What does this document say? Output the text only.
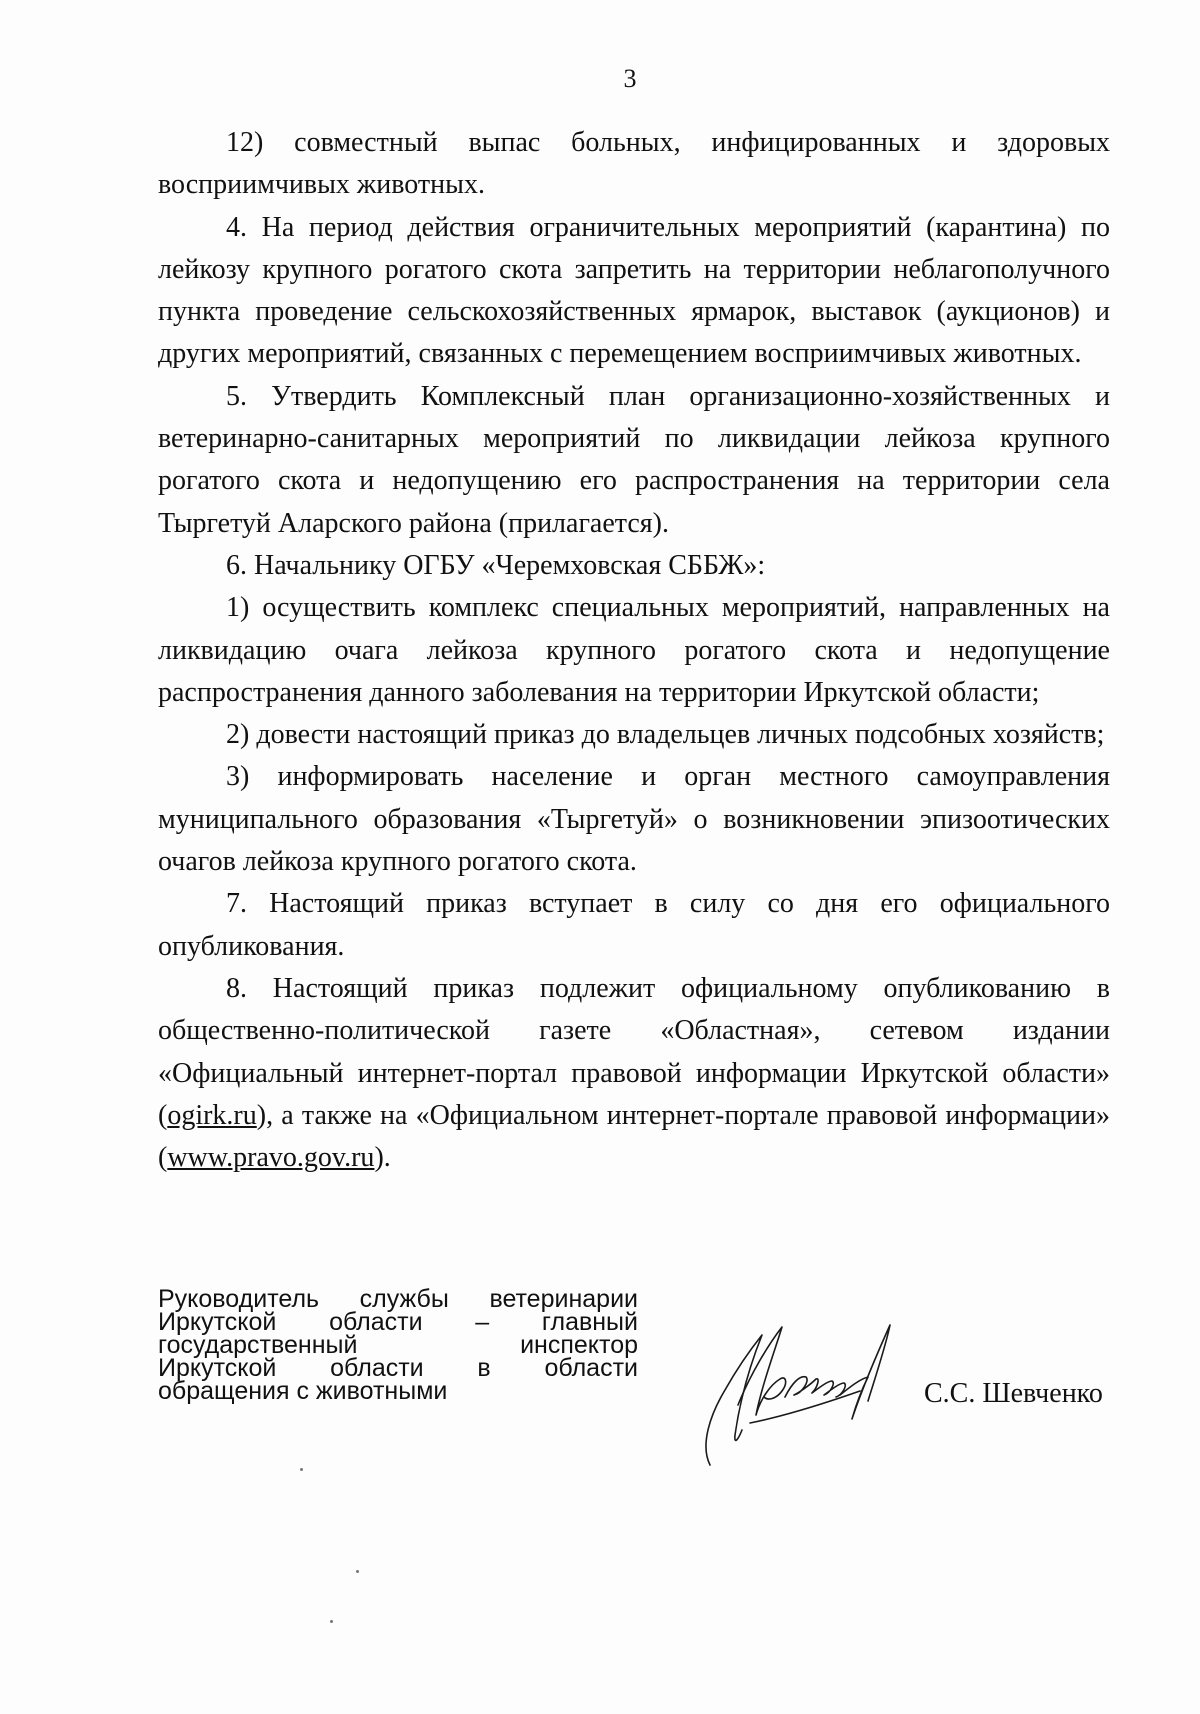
3

12) совместный выпас больных, инфицированных и здоровых восприимчивых животных.

4. На период действия ограничительных мероприятий (карантина) по лейкозу крупного рогатого скота запретить на территории неблагополучного пункта проведение сельскохозяйственных ярмарок, выставок (аукционов) и других мероприятий, связанных с перемещением восприимчивых животных.

5. Утвердить Комплексный план организационно-хозяйственных и ветеринарно-санитарных мероприятий по ликвидации лейкоза крупного рогатого скота и недопущению его распространения на территории села Тыргетуй Аларского района (прилагается).

6. Начальнику ОГБУ «Черемховская СББЖ»:

1) осуществить комплекс специальных мероприятий, направленных на ликвидацию очага лейкоза крупного рогатого скота и недопущение распространения данного заболевания на территории Иркутской области;

2) довести настоящий приказ до владельцев личных подсобных хозяйств;

3) информировать население и орган местного самоуправления муниципального образования «Тыргетуй» о возникновении эпизоотических очагов лейкоза крупного рогатого скота.

7. Настоящий приказ вступает в силу со дня его официального опубликования.

8. Настоящий приказ подлежит официальному опубликованию в общественно-политической газете «Областная», сетевом издании «Официальный интернет-портал правовой информации Иркутской области» (ogirk.ru), а также на «Официальном интернет-портале правовой информации» (www.pravo.gov.ru).

Руководитель службы ветеринарии
Иркутской области – главный
государственный инспектор
Иркутской области в области
обращения с животными	С.С. Шевченко
